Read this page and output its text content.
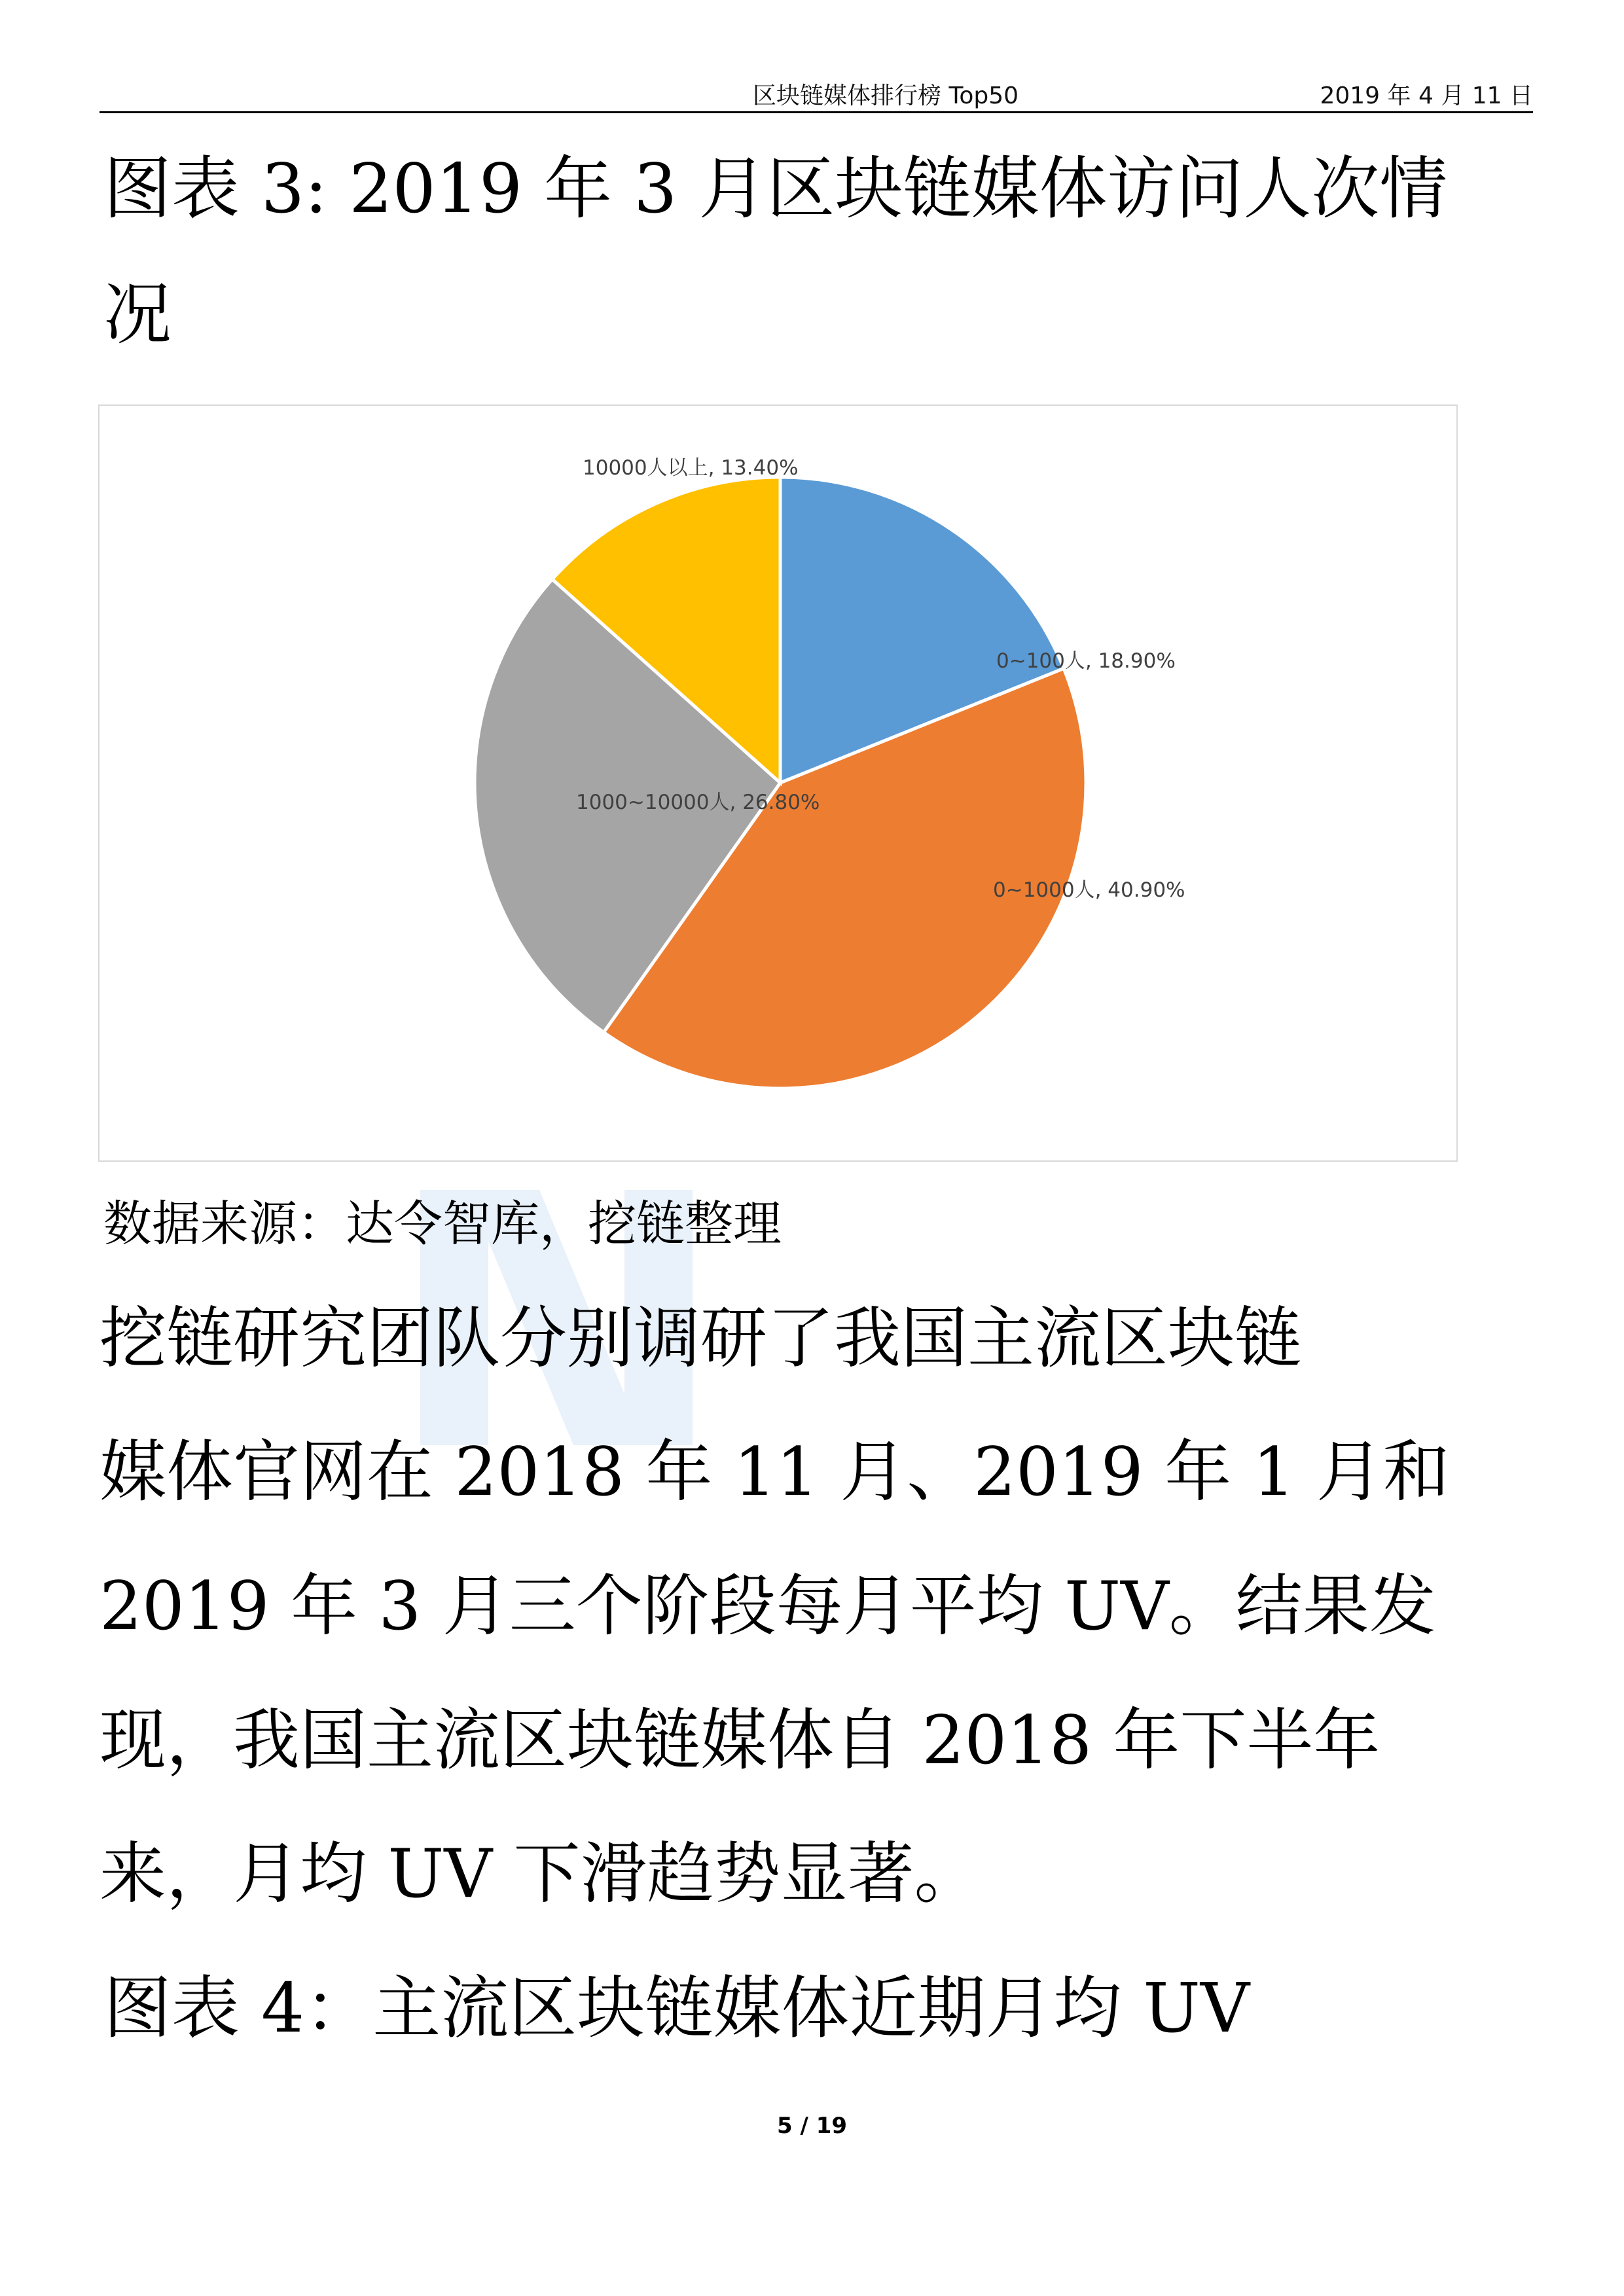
区块链媒体排行榜 Top50	2019 年 4 月 11 日
图表 3: 2019 年 3 月区块链媒体访问人次情
况
0~100人, 18.90%
0~1000人, 40.90%
1000~10000人, 26.80%
10000人以上, 13.40%
数据来源：达令智库，挖链整理
挖链研究团队分别调研了我国主流区块链
媒体官网在 2018 年 11 月、2019 年 1 月和
2019 年 3 月三个阶段每月平均 UV。结果发
现，我国主流区块链媒体自 2018 年下半年
来，月均 UV 下滑趋势显著。
图表 4：主流区块链媒体近期月均 UV
5 / 19
